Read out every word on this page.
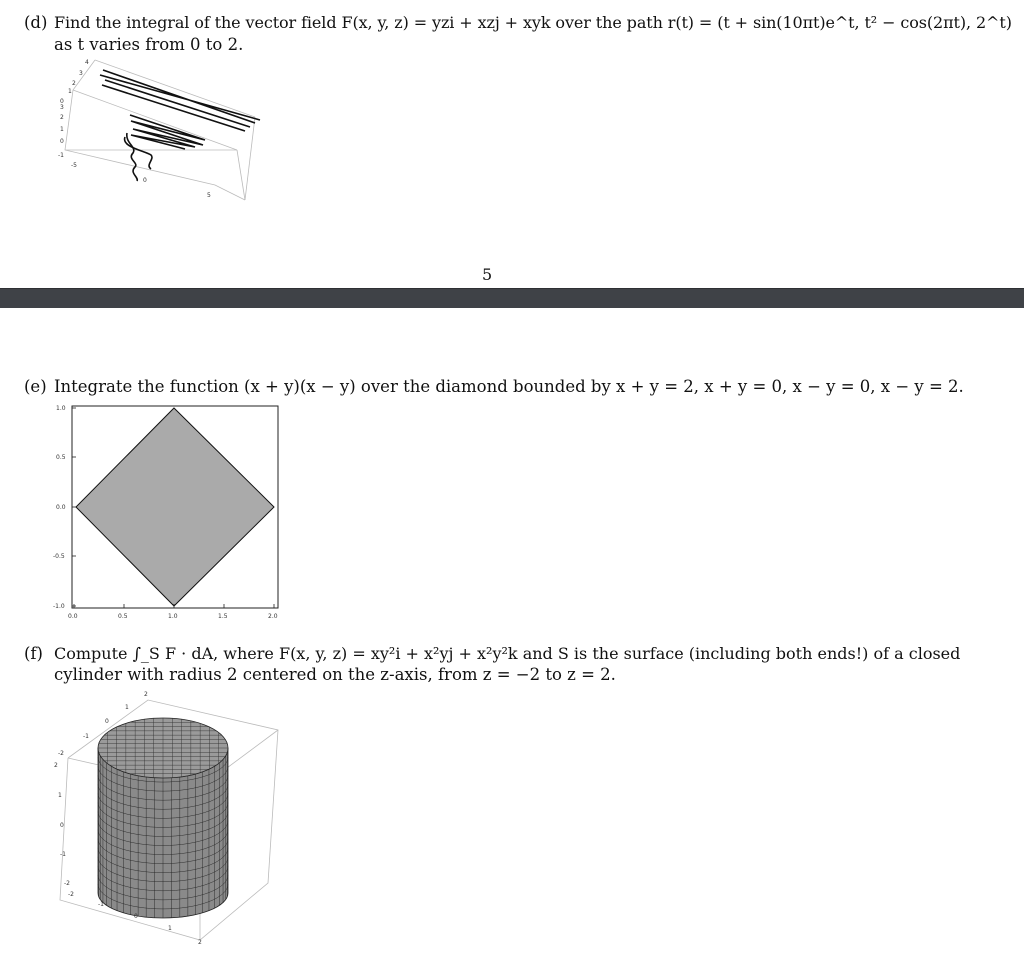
(d) Find the integral of the vector field F(x, y, z) = yzi + xzj + xyk over the path r(t) = (t + sin(10πt)e^t, t² − cos(2πt), 2^t)
as t varies from 0 to 2.
-5
0
5
2
3
4
-1
0
1
2
3
0
1
5
(e) Integrate the function (x + y)(x − y) over the diamond bounded by x + y = 2, x + y = 0, x − y = 0, x − y = 2.
1.0
0.5
0.0
-0.5
-1.0
0.0	0.5	1.0	1.5	2.0
(f) Compute ∫_S F · dA, where F(x, y, z) = xy²i + x²yj + x²y²k and S is the surface (including both ends!) of a closed
cylinder with radius 2 centered on the z-axis, from z = −2 to z = 2.
2
1
0
-1
-2
2
1
0
-1
-2
-2
-1
0
1
2
